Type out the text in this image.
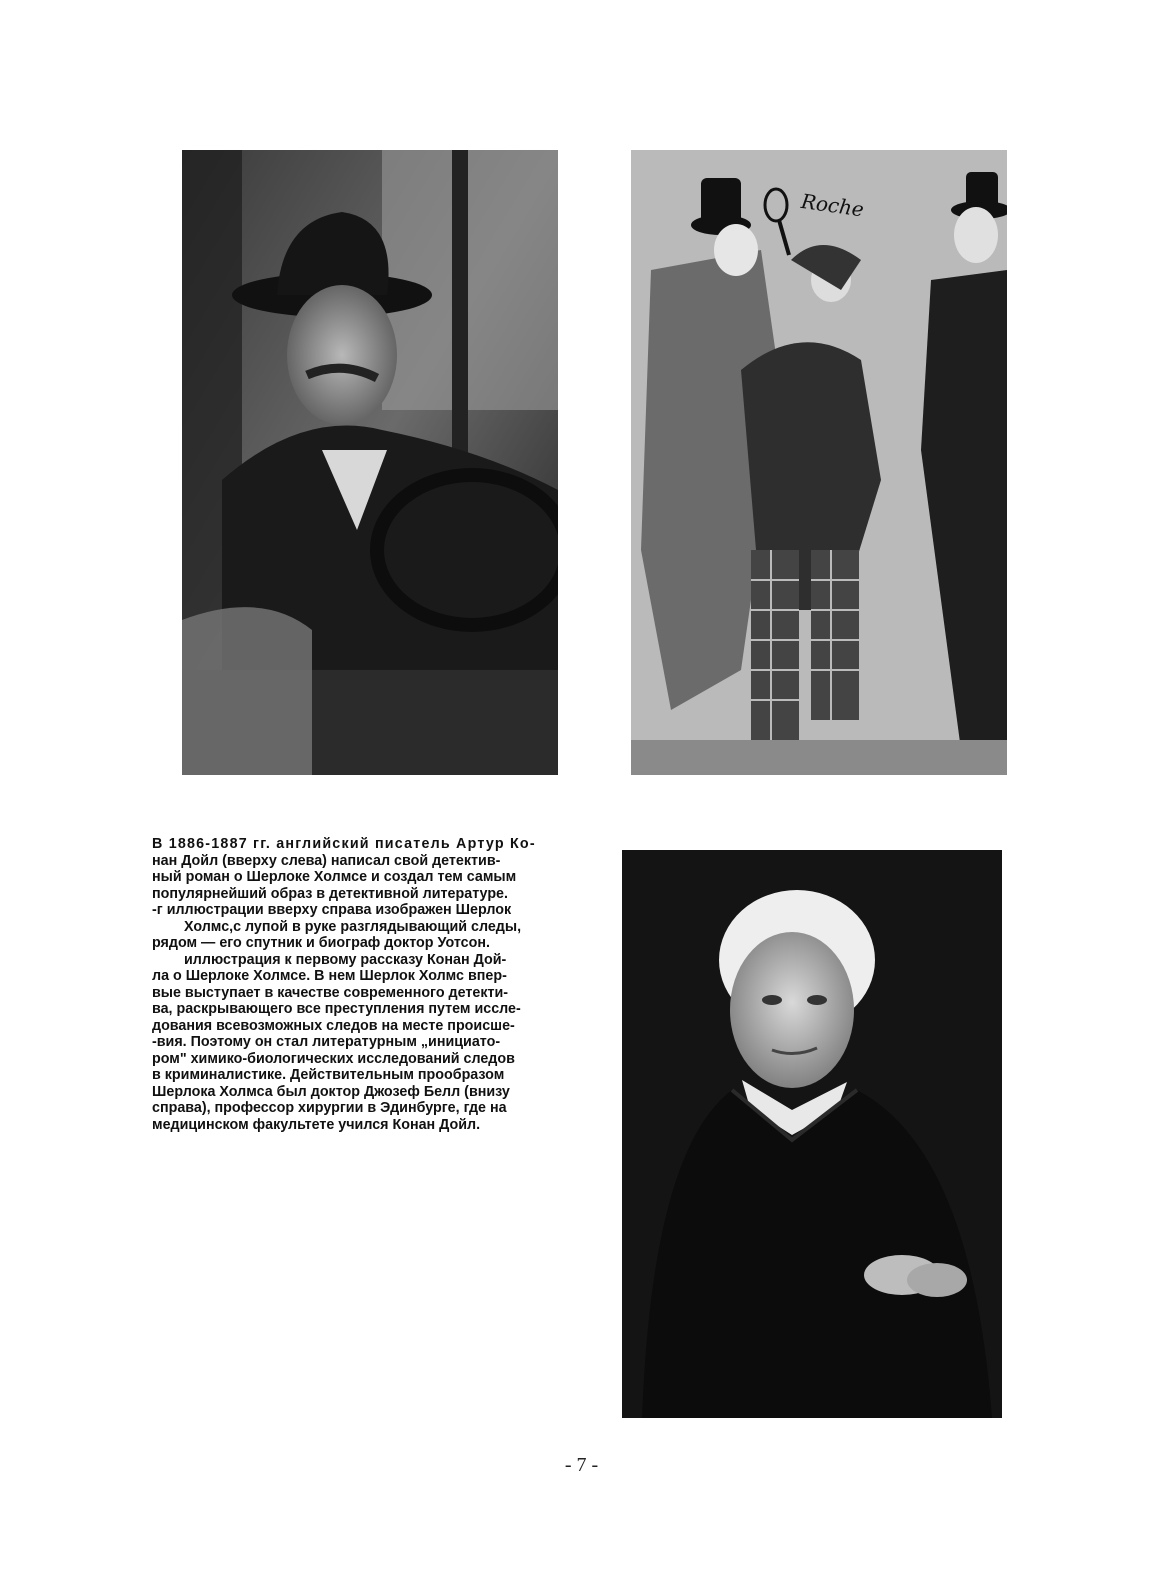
Roche

В 1886-1887 гг. английский писатель Артур Ко-

нан Дойл (вверху слева) написал свой детектив-

ный роман о Шерлоке Холмсе и создал тем самым

популярнейший образ в детективной литературе.

-г иллюстрации вверху справа изображен Шерлок

Холмс,с лупой в руке разглядывающий следы,

рядом — его спутник и биограф доктор Уотсон.

иллюстрация к первому рассказу Конан Дой-

ла о Шерлоке Холмсе. В нем Шерлок Холмс впер-

вые выступает в качестве современного детекти-

ва, раскрывающего все преступления путем иссле-

дования всевозможных следов на месте происше-

-вия. Поэтому он стал литературным „инициато-

ром" химико-биологических исследований следов

в криминалистике. Действительным прообразом

Шерлока Холмса был доктор Джозеф Белл (внизу

справа), профессор хирургии в Эдинбурге, где на

медицинском факультете учился Конан Дойл.

- 7 -
